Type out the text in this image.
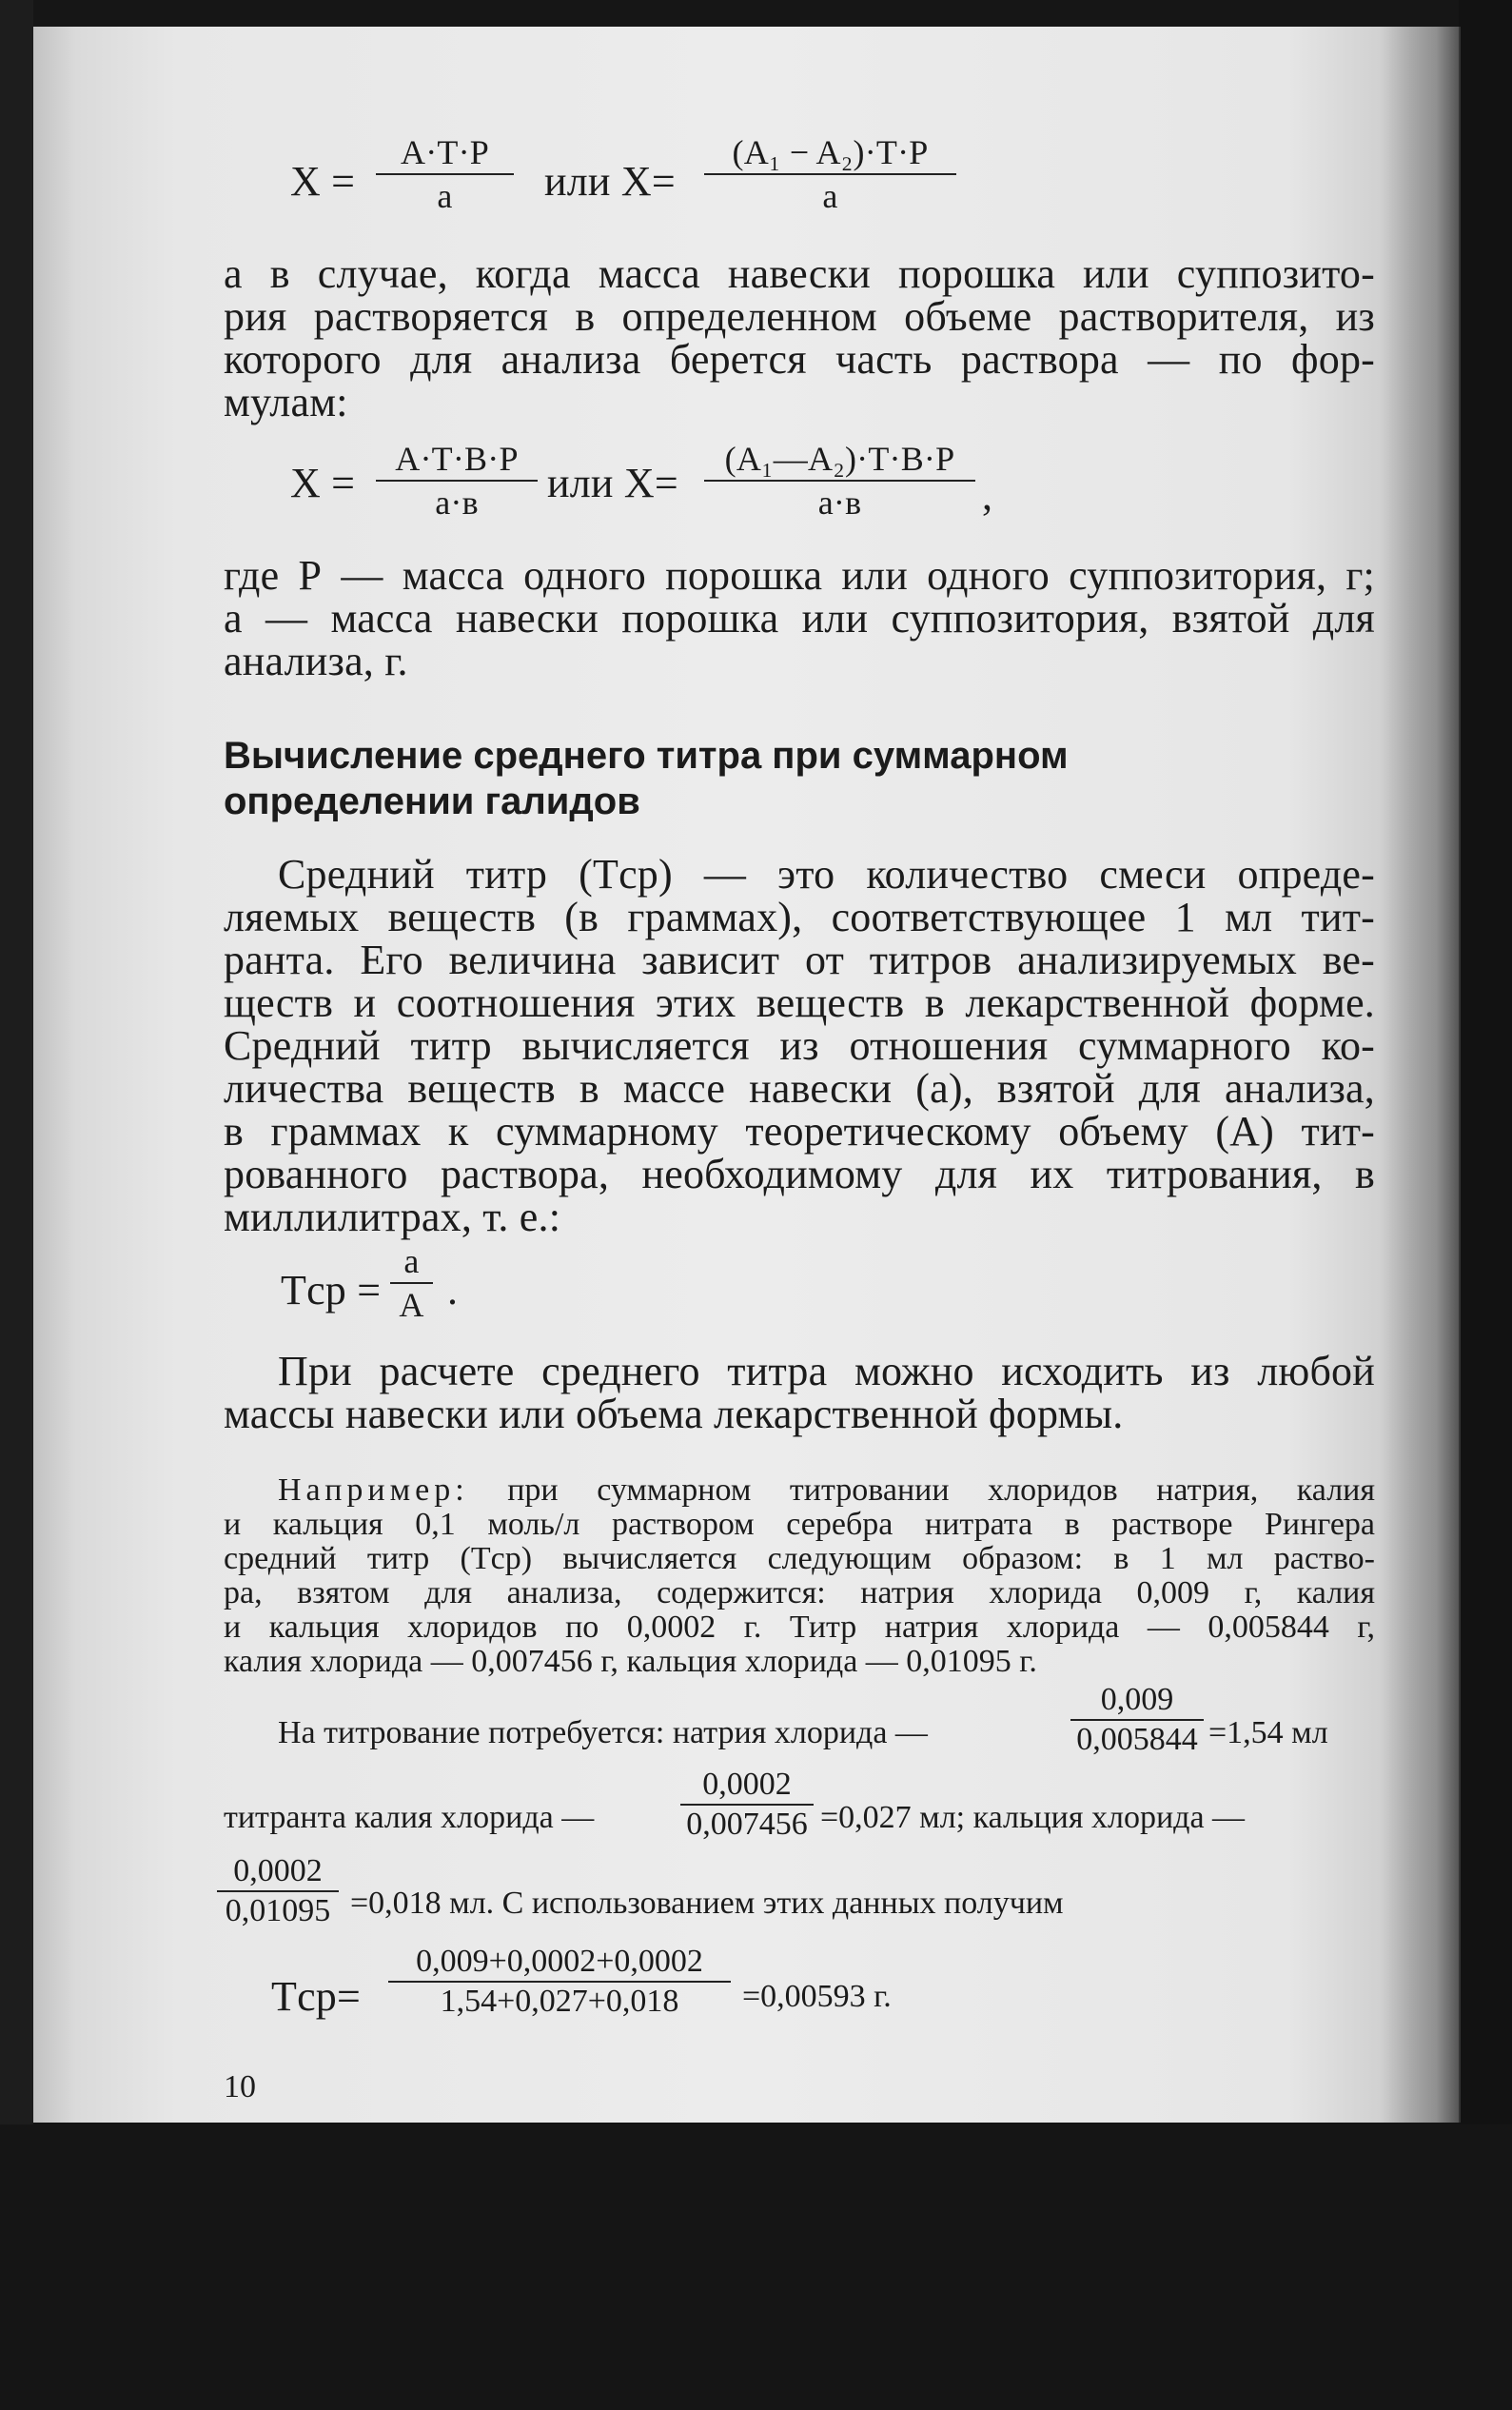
$X = \frac{A\cdot T\cdot P}{a}$ или $X= \frac{\text{(A₁ − A₂)·T·P}}{a}$
а в случае, когда масса навески порошка или суппозито-
рия растворяется в определенном объеме растворителя, из
которого для анализа берется часть раствора — по фор-
мулам:
X =
A·T·B·P
a·в	или X=
(A₁—A₂)·T·B·P
a·в	,
где Р — масса одного порошка или одного суппозитория, г;
а — масса навески порошка или суппозитория, взятой для
анализа, г.
Вычисление среднего титра при суммарном
определении галидов
Средний титр (Tср) — это количество смеси опреде-
ляемых веществ (в граммах), соответствующее 1 мл тит-
ранта. Его величина зависит от титров анализируемых ве-
ществ и соотношения этих веществ в лекарственной форме.
Средний титр вычисляется из отношения суммарного ко-
личества веществ в массе навески (а), взятой для анализа,
в граммах к суммарному теоретическому объему (А) тит-
рованного раствора, необходимому для их титрования, в
миллилитрах, т. е.:
Tср = $\frac{a}{A}$ .
При расчете среднего титра можно исходить из любой
массы навески или объема лекарственной формы.
Например: при суммарном титровании хлоридов натрия, калия
и кальция 0,1 моль/л раствором серебра нитрата в растворе Рингера
средний титр (Tср) вычисляется следующим образом: в 1 мл раство-
ра, взятом для анализа, содержится: натрия хлорида 0,009 г, калия
и кальция хлоридов по 0,0002 г. Титр натрия хлорида — 0,005844 г,
калия хлорида — 0,007456 г, кальция хлорида — 0,01095 г.
На титрование потребуется: натрия хлорида —	$\frac{0,009}{0,005844} =1,54$ мл
титранта калия хлорида —	$\frac{0,0002}{0,007456} =0,027$ мл; кальция хлорида —
$\frac{0,0002}{0,01095} =0,018$ мл. С использованием этих данных получим
$Tср= \frac{0,009+0,0002+0,0002}{1,54+0,027+0,018} =0,00593$ г.
10
